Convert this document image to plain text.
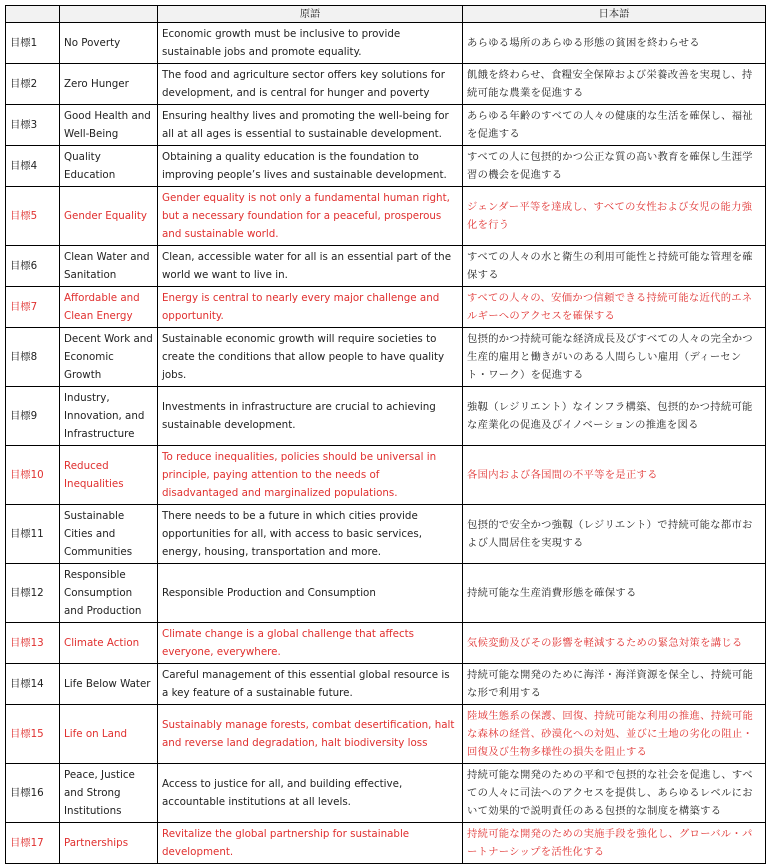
		原語	日本語
目標1	No Poverty	Economic growth must be inclusive to provide sustainable jobs and promote equality.	あらゆる場所のあらゆる形態の貧困を終わらせる
目標2	Zero Hunger	The food and agriculture sector offers key solutions for development, and is central for hunger and poverty	飢餓を終わらせ、食糧安全保障および栄養改善を実現し、持続可能な農業を促進する
目標3	Good Health and Well-Being	Ensuring healthy lives and promoting the well-being for all at all ages is essential to sustainable development.	あらゆる年齢のすべての人々の健康的な生活を確保し、福祉を促進する
目標4	Quality Education	Obtaining a quality education is the foundation to improving people’s lives and sustainable development.	すべての人に包摂的かつ公正な質の高い教育を確保し生涯学習の機会を促進する
目標5	Gender Equality	Gender equality is not only a fundamental human right, but a necessary foundation for a peaceful, prosperous and sustainable world.	ジェンダー平等を達成し、すべての女性および女児の能力強化を行う
目標6	Clean Water and Sanitation	Clean, accessible water for all is an essential part of the world we want to live in.	すべての人々の水と衛生の利用可能性と持続可能な管理を確保する
目標7	Affordable and Clean Energy	Energy is central to nearly every major challenge and opportunity.	すべての人々の、安価かつ信頼できる持続可能な近代的エネルギーへのアクセスを確保する
目標8	Decent Work and Economic Growth	Sustainable economic growth will require societies to create the conditions that allow people to have quality jobs.	包摂的かつ持続可能な経済成長及びすべての人々の完全かつ生産的雇用と働きがいのある人間らしい雇用（ディーセント・ワーク）を促進する
目標9	Industry, Innovation, and Infrastructure	Investments in infrastructure are crucial to achieving sustainable development.	強靱（レジリエント）なインフラ構築、包摂的かつ持続可能な産業化の促進及びイノベーションの推進を図る
目標10	Reduced Inequalities	To reduce inequalities, policies should be universal in principle, paying attention to the needs of disadvantaged and marginalized populations.	各国内および各国間の不平等を是正する
目標11	Sustainable Cities and Communities	There needs to be a future in which cities provide opportunities for all, with access to basic services, energy, housing, transportation and more.	包摂的で安全かつ強靱（レジリエント）で持続可能な都市および人間居住を実現する
目標12	Responsible Consumption and Production	Responsible Production and Consumption	持続可能な生産消費形態を確保する
目標13	Climate Action	Climate change is a global challenge that affects everyone, everywhere.	気候変動及びその影響を軽減するための緊急対策を講じる
目標14	Life Below Water	Careful management of this essential global resource is a key feature of a sustainable future.	持続可能な開発のために海洋・海洋資源を保全し、持続可能な形で利用する
目標15	Life on Land	Sustainably manage forests, combat desertification, halt and reverse land degradation, halt biodiversity loss	陸域生態系の保護、回復、持続可能な利用の推進、持続可能な森林の経営、砂漠化への対処、並びに土地の劣化の阻止・回復及び生物多様性の損失を阻止する
目標16	Peace, Justice and Strong Institutions	Access to justice for all, and building effective, accountable institutions at all levels.	持続可能な開発のための平和で包摂的な社会を促進し、すべての人々に司法へのアクセスを提供し、あらゆるレベルにおいて効果的で説明責任のある包摂的な制度を構築する
目標17	Partnerships	Revitalize the global partnership for sustainable development.	持続可能な開発のための実施手段を強化し、グローバル・パートナーシップを活性化する
